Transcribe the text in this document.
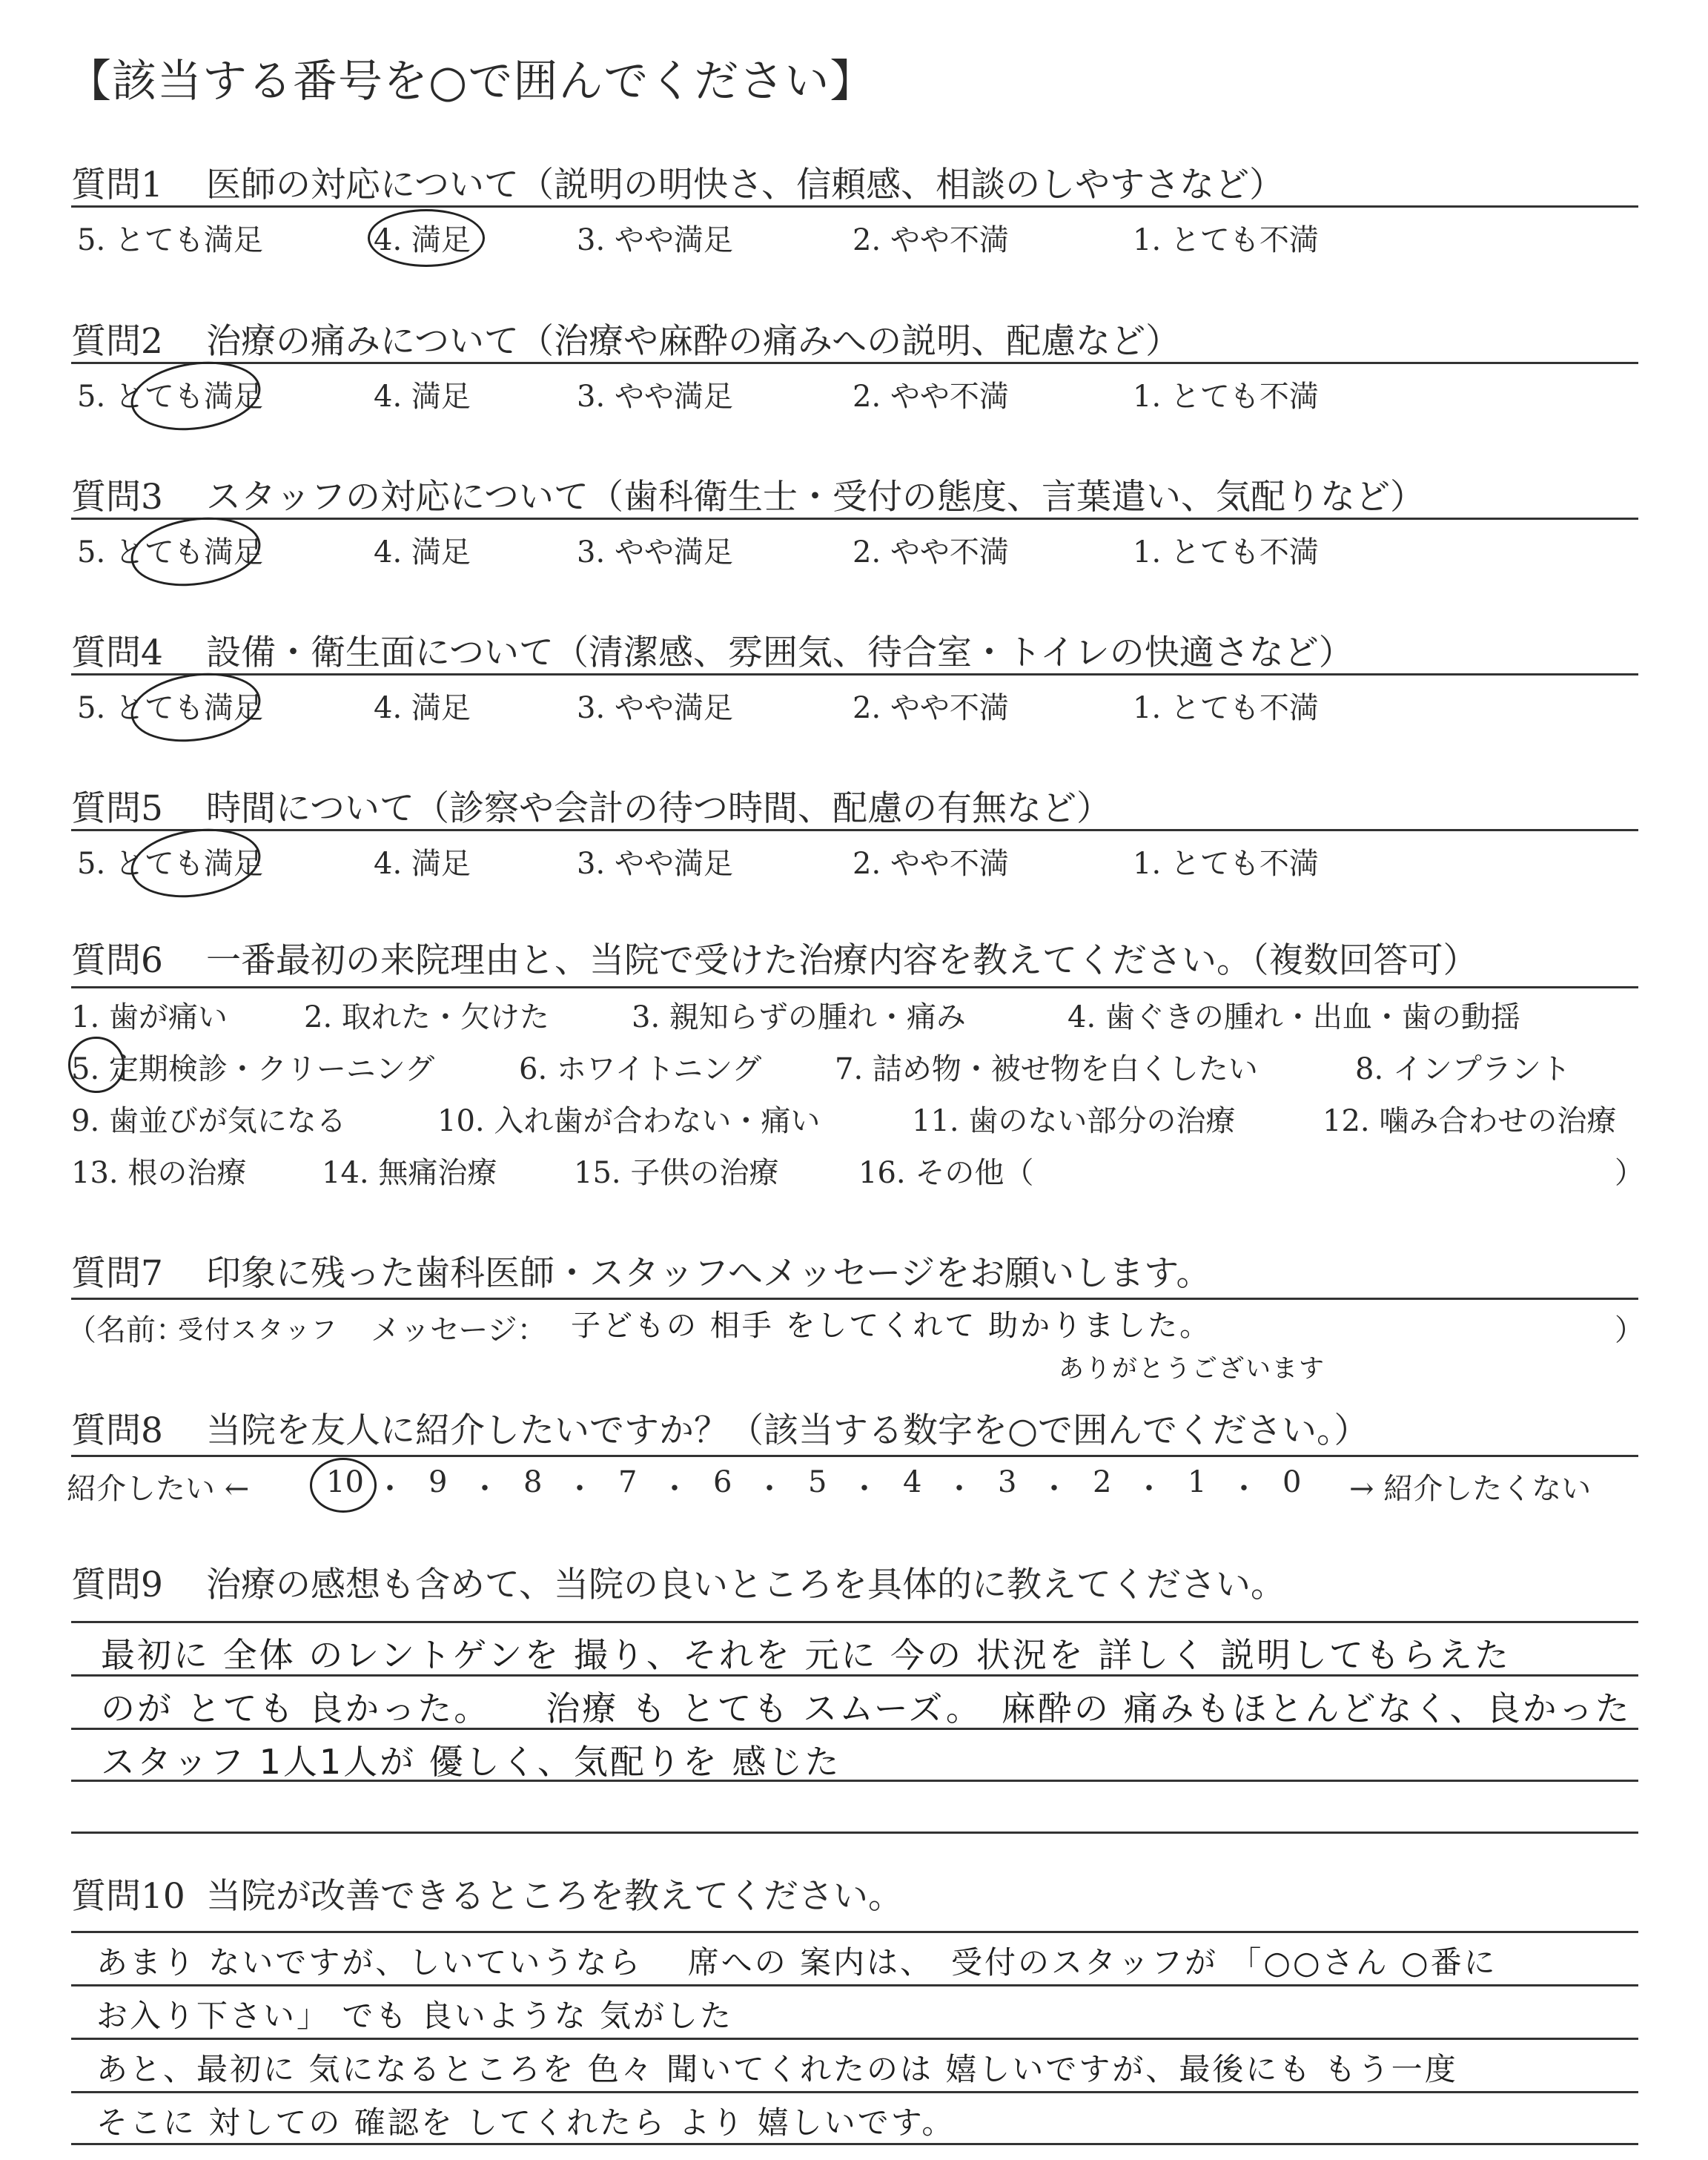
【該当する番号を○で囲んでください】
質問1 医師の対応について（説明の明快さ、信頼感、相談のしやすさなど）
5. とても満足	4. 満足	3. やや満足	2. やや不満	1. とても不満
質問2 治療の痛みについて（治療や麻酔の痛みへの説明、配慮など）
5. とても満足	4. 満足	3. やや満足	2. やや不満	1. とても不満
質問3 スタッフの対応について（歯科衛生士・受付の態度、言葉遣い、気配りなど）
5. とても満足	4. 満足	3. やや満足	2. やや不満	1. とても不満
質問4 設備・衛生面について（清潔感、雰囲気、待合室・トイレの快適さなど）
5. とても満足	4. 満足	3. やや満足	2. やや不満	1. とても不満
質問5 時間について（診察や会計の待つ時間、配慮の有無など）
5. とても満足	4. 満足	3. やや満足	2. やや不満	1. とても不満
質問6 一番最初の来院理由と、当院で受けた治療内容を教えてください。（複数回答可）
1. 歯が痛い	2. 取れた・欠けた	3. 親知らずの腫れ・痛み	4. 歯ぐきの腫れ・出血・歯の動揺
5. 定期検診・クリーニング	6. ホワイトニング 7. 詰め物・被せ物を白くしたい	8. インプラント
9. 歯並びが気になる	10. 入れ歯が合わない・痛い	11. 歯のない部分の治療	12. 噛み合わせの治療
13. 根の治療	14. 無痛治療	15. 子供の治療	16. その他（	）
質問7 印象に残った歯科医師・スタッフへメッセージをお願いします。
（名前：
受付スタッフ メッセージ： 子どもの 相手 をしてくれて 助かりました。
ありがとうございます
）
質問8 当院を友人に紹介したいですか？（該当する数字を○で囲んでください。）
紹介したい ←	10 ・ 9 ・ 8 ・ 7 ・ 6 ・ 5 ・ 4 ・ 3 ・ 2 ・ 1 ・ 0 → 紹介したくない
質問9 治療の感想も含めて、当院の良いところを具体的に教えてください。
最初に 全体 のレントゲンを 撮り、それを 元に 今の 状況を 詳しく 説明してもらえた
のが とても 良かった。　　治療 も とても スムーズ。　麻酔の 痛みもほとんどなく、良かった
スタッフ 1人1人が 優しく、気配りを 感じた
質問10 当院が改善できるところを教えてください。
あまり ないですが、しいていうなら　 席への 案内は、　受付のスタッフが 「○○さん ○番に
お入り下さい」 でも 良いような 気がした
あと、最初に 気になるところを 色々 聞いてくれたのは 嬉しいですが、最後にも もう一度
そこに 対しての 確認を してくれたら より 嬉しいです。
